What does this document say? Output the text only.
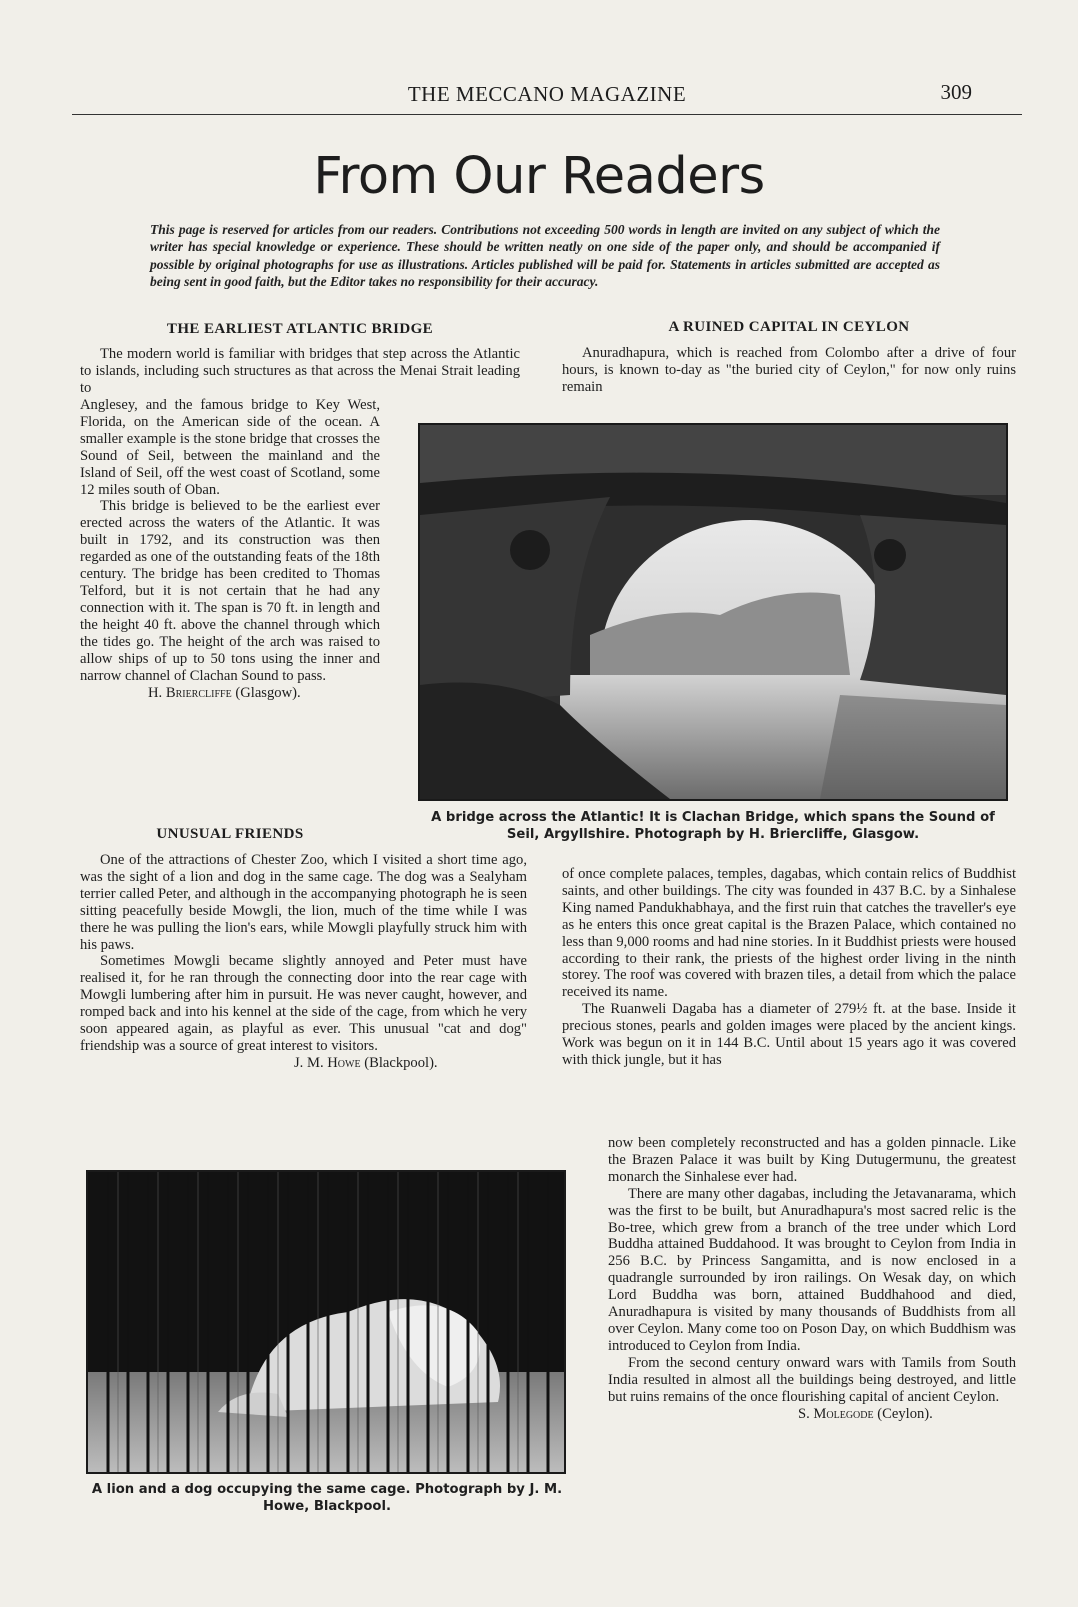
THE MECCANO MAGAZINE	309
From Our Readers
This page is reserved for articles from our readers. Contributions not exceeding 500 words in length are invited on any subject of which the writer has special knowledge or experience. These should be written neatly on one side of the paper only, and should be accompanied if possible by original photographs for use as illustrations. Articles published will be paid for. Statements in articles submitted are accepted as being sent in good faith, but the Editor takes no responsibility for their accuracy.
THE EARLIEST ATLANTIC BRIDGE

The modern world is familiar with bridges that step across the Atlantic to islands, including such structures as that across the Menai Strait leading to

Anglesey, and the famous bridge to Key West, Florida, on the American side of the ocean. A smaller example is the stone bridge that crosses the Sound of Seil, between the mainland and the Island of Seil, off the west coast of Scotland, some 12 miles south of Oban.

This bridge is believed to be the earliest ever erected across the waters of the Atlantic. It was built in 1792, and its construction was then regarded as one of the outstanding feats of the 18th century. The bridge has been credited to Thomas Telford, but it is not certain that he had any connection with it. The span is 70 ft. in length and the height 40 ft. above the channel through which the tides go. The height of the arch was raised to allow ships of up to 50 tons using the inner and narrow channel of Clachan Sound to pass.

H. Briercliffe (Glasgow).
A RUINED CAPITAL IN CEYLON

Anuradhapura, which is reached from Colombo after a drive of four hours, is known to-day as "the buried city of Ceylon," for now only ruins remain

A bridge across the Atlantic! It is Clachan Bridge, which spans the Sound of Seil, Argyllshire. Photograph by H. Briercliffe, Glasgow.
UNUSUAL FRIENDS

One of the attractions of Chester Zoo, which I visited a short time ago, was the sight of a lion and dog in the same cage. The dog was a Sealyham terrier called Peter, and although in the accompanying photograph he is seen sitting peacefully beside Mowgli, the lion, much of the time while I was there he was pulling the lion's ears, while Mowgli playfully struck him with his paws.

Sometimes Mowgli became slightly annoyed and Peter must have realised it, for he ran through the connecting door into the rear cage with Mowgli lumbering after him in pursuit. He was never caught, however, and romped back and into his kennel at the side of the cage, from which he very soon appeared again, as playful as ever. This unusual "cat and dog" friendship was a source of great interest to visitors.

J. M. Howe (Blackpool).

of once complete palaces, temples, dagabas, which contain relics of Buddhist saints, and other buildings. The city was founded in 437 B.C. by a Sinhalese King named Pandukhabhaya, and the first ruin that catches the traveller's eye as he enters this once great capital is the Brazen Palace, which contained no less than 9,000 rooms and had nine stories. In it Buddhist priests were housed according to their rank, the priests of the highest order living in the ninth storey. The roof was covered with brazen tiles, a detail from which the palace received its name.

The Ruanweli Dagaba has a diameter of 279½ ft. at the base. Inside it precious stones, pearls and golden images were placed by the ancient kings. Work was begun on it in 144 B.C. Until about 15 years ago it was covered with thick jungle, but it has

now been completely reconstructed and has a golden pinnacle. Like the Brazen Palace it was built by King Dutugermunu, the greatest monarch the Sinhalese ever had.

There are many other dagabas, including the Jetavanarama, which was the first to be built, but Anuradhapura's most sacred relic is the Bo-tree, which grew from a branch of the tree under which Lord Buddha attained Buddahood. It was brought to Ceylon from India in 256 B.C. by Princess Sangamitta, and is now enclosed in a quadrangle surrounded by iron railings. On Wesak day, on which Lord Buddha was born, attained Buddhahood and died, Anuradhapura is visited by many thousands of Buddhists from all over Ceylon. Many come too on Poson Day, on which Buddhism was introduced to Ceylon from India.

From the second century onward wars with Tamils from South India resulted in almost all the buildings being destroyed, and little but ruins remains of the once flourishing capital of ancient Ceylon.

S. Molegode (Ceylon).
A lion and a dog occupying the same cage. Photograph by J. M. Howe, Blackpool.
